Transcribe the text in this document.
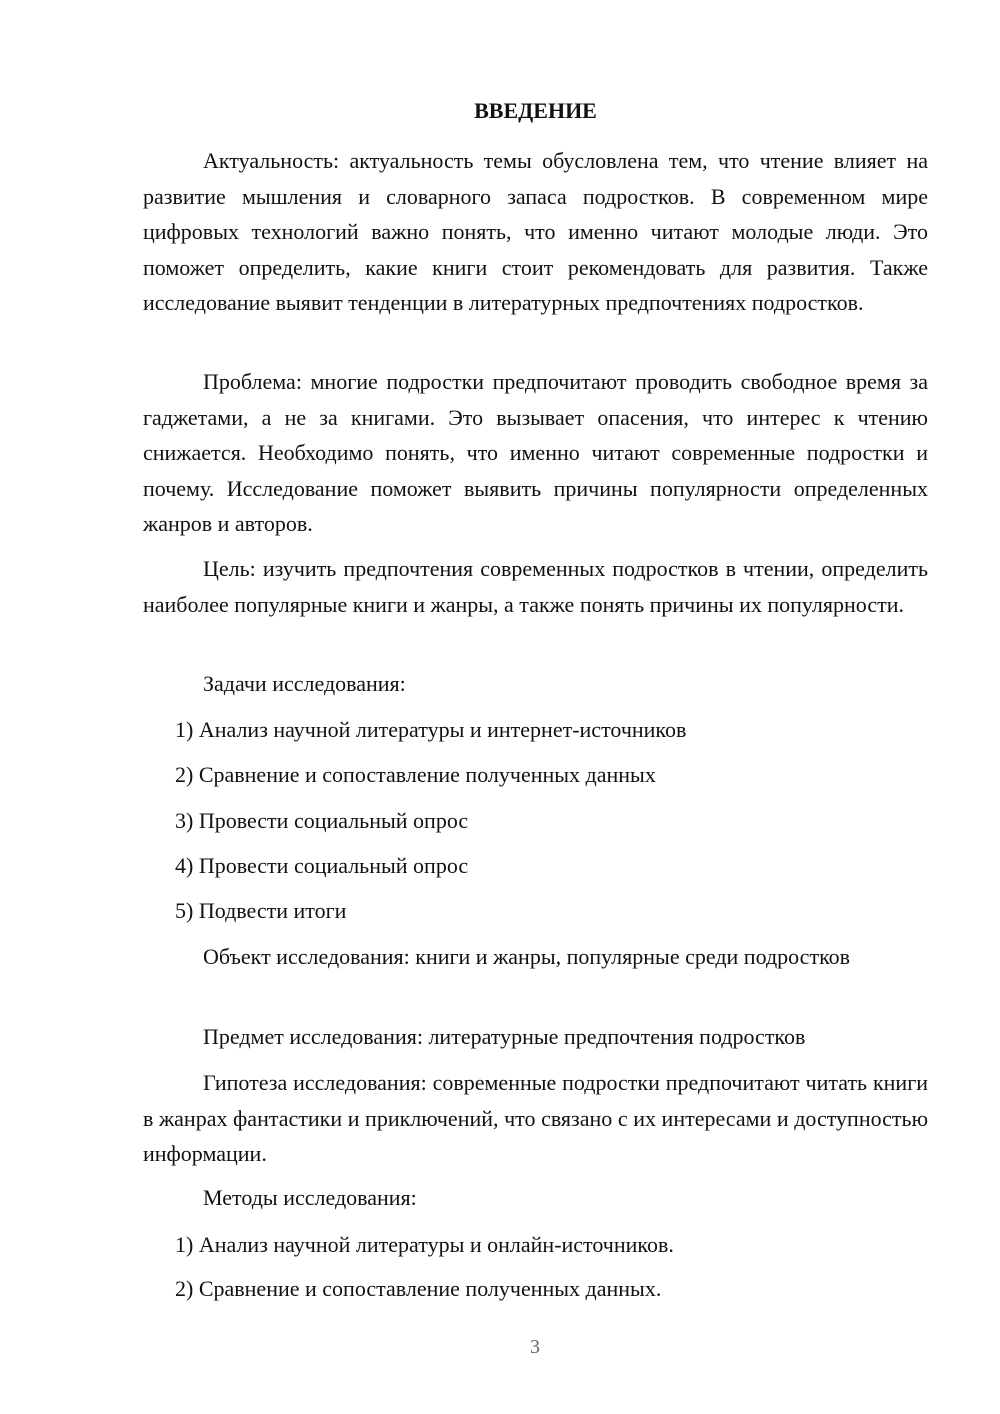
ВВЕДЕНИЕ

Актуальность: актуальность темы обусловлена тем, что чтение влияет на развитие мышления и словарного запаса подростков. В современном мире цифровых технологий важно понять, что именно читают молодые люди. Это поможет определить, какие книги стоит рекомендовать для развития. Также исследование выявит тенденции в литературных предпочтениях подростков.

Проблема: многие подростки предпочитают проводить свободное время за гаджетами, а не за книгами. Это вызывает опасения, что интерес к чтению снижается. Необходимо понять, что именно читают современные подростки и почему. Исследование поможет выявить причины популярности определенных жанров и авторов.

Цель: изучить предпочтения современных подростков в чтении, определить наиболее популярные книги и жанры, а также понять причины их популярности.

Задачи исследования:

1) Анализ научной литературы и интернет-источников

2) Сравнение и сопоставление полученных данных

3) Провести социальный опрос

4) Провести социальный опрос

5) Подвести итоги

Объект исследования: книги и жанры, популярные среди подростков

Предмет исследования: литературные предпочтения подростков

Гипотеза исследования: современные подростки предпочитают читать книги в жанрах фантастики и приключений, что связано с их интересами и доступностью информации.

Методы исследования:

1) Анализ научной литературы и онлайн-источников.

2) Сравнение и сопоставление полученных данных.

3
